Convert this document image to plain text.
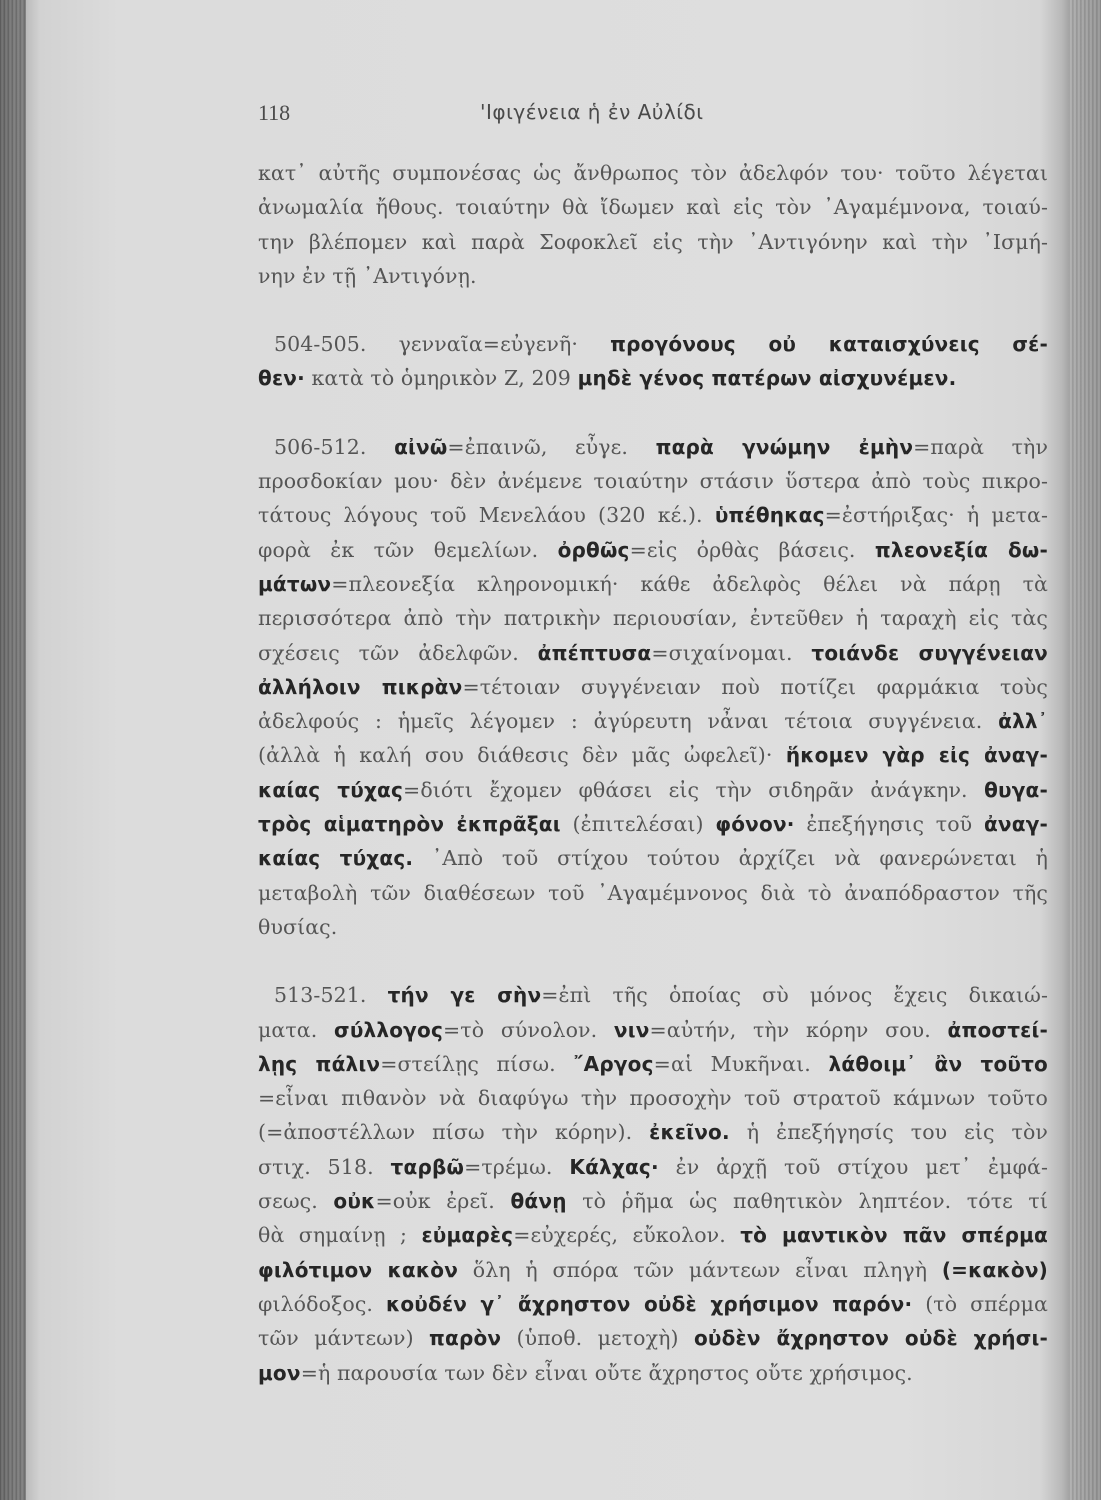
118	'Ιφιγένεια ἡ ἐν Αὐλίδι
κατ᾽ αὐτῆς συμπονέσας ὡς ἄνθρωπος τὸν ἀδελφόν του· τοῦτο λέγεται
ἀνωμαλία ἤθους. τοιαύτην θὰ ἴδωμεν καὶ εἰς τὸν ᾽Αγαμέμνονα, τοιαύ-
την βλέπομεν καὶ παρὰ Σοφοκλεῖ εἰς τὴν ᾽Αντιγόνην καὶ τὴν ᾽Ισμή-
νην ἐν τῇ ᾽Αντιγόνῃ.
504-505. γενναῖα=εὐγενῆ· προγόνους οὐ καταισχύνεις σέ-
θεν· κατὰ τὸ ὁμηρικὸν Ζ, 209 μηδὲ γένος πατέρων αἰσχυνέμεν.
506-512. αἰνῶ=ἐπαινῶ, εὖγε. παρὰ γνώμην ἐμὴν=παρὰ τὴν
προσδοκίαν μου· δὲν ἀνέμενε τοιαύτην στάσιν ὕστερα ἀπὸ τοὺς πικρο-
τάτους λόγους τοῦ Μενελάου (320 κέ.). ὑπέθηκας=ἐστήριξας· ἡ μετα-
φορὰ ἐκ τῶν θεμελίων. ὀρθῶς=εἰς ὀρθὰς βάσεις. πλεονεξία δω-
μάτων=πλεονεξία κληρονομική· κάθε ἀδελφὸς θέλει νὰ πάρῃ τὰ
περισσότερα ἀπὸ τὴν πατρικὴν περιουσίαν, ἐντεῦθεν ἡ ταραχὴ εἰς τὰς
σχέσεις τῶν ἀδελφῶν. ἀπέπτυσα=σιχαίνομαι. τοιάνδε συγγένειαν
ἀλλήλοιν πικρὰν=τέτοιαν συγγένειαν ποὺ ποτίζει φαρμάκια τοὺς
ἀδελφούς : ἡμεῖς λέγομεν : ἀγύρευτη νἆναι τέτοια συγγένεια. ἀλλ᾽
(ἀλλὰ ἡ καλή σου διάθεσις δὲν μᾶς ὠφελεῖ)· ἥκομεν γὰρ εἰς ἀναγ-
καίας τύχας=διότι ἔχομεν φθάσει εἰς τὴν σιδηρᾶν ἀνάγκην. θυγα-
τρὸς αἱματηρὸν ἐκπρᾶξαι (ἐπιτελέσαι) φόνον· ἐπεξήγησις τοῦ ἀναγ-
καίας τύχας. ᾽Απὸ τοῦ στίχου τούτου ἀρχίζει νὰ φανερώνεται ἡ
μεταβολὴ τῶν διαθέσεων τοῦ ᾽Αγαμέμνονος διὰ τὸ ἀναπόδραστον τῆς
θυσίας.
513-521. τήν γε σὴν=ἐπὶ τῆς ὁποίας σὺ μόνος ἔχεις δικαιώ-
ματα. σύλλογος=τὸ σύνολον. νιν=αὐτήν, τὴν κόρην σου. ἀποστεί-
λῃς πάλιν=στείλῃς πίσω. ῎Αργος=αἱ Μυκῆναι. λάθοιμ᾽ ἂν τοῦτο
=εἶναι πιθανὸν νὰ διαφύγω τὴν προσοχὴν τοῦ στρατοῦ κάμνων τοῦτο
(=ἀποστέλλων πίσω τὴν κόρην). ἐκεῖνο. ἡ ἐπεξήγησίς του εἰς τὸν
στιχ. 518. ταρβῶ=τρέμω. Κάλχας· ἐν ἀρχῇ τοῦ στίχου μετ᾽ ἐμφά-
σεως. οὐκ=οὐκ ἐρεῖ. θάνῃ τὸ ῥῆμα ὡς παθητικὸν ληπτέον. τότε τί
θὰ σημαίνῃ ; εὐμαρὲς=εὐχερές, εὔκολον. τὸ μαντικὸν πᾶν σπέρμα
φιλότιμον κακὸν ὅλη ἡ σπόρα τῶν μάντεων εἶναι πληγὴ (=κακὸν)
φιλόδοξος. κοὐδέν γ᾽ ἄχρηστον οὐδὲ χρήσιμον παρόν· (τὸ σπέρμα
τῶν μάντεων) παρὸν (ὑποθ. μετοχὴ) οὐδὲν ἄχρηστον οὐδὲ χρήσι-
μον=ἡ παρουσία των δὲν εἶναι οὔτε ἄχρηστος οὔτε χρήσιμος.
